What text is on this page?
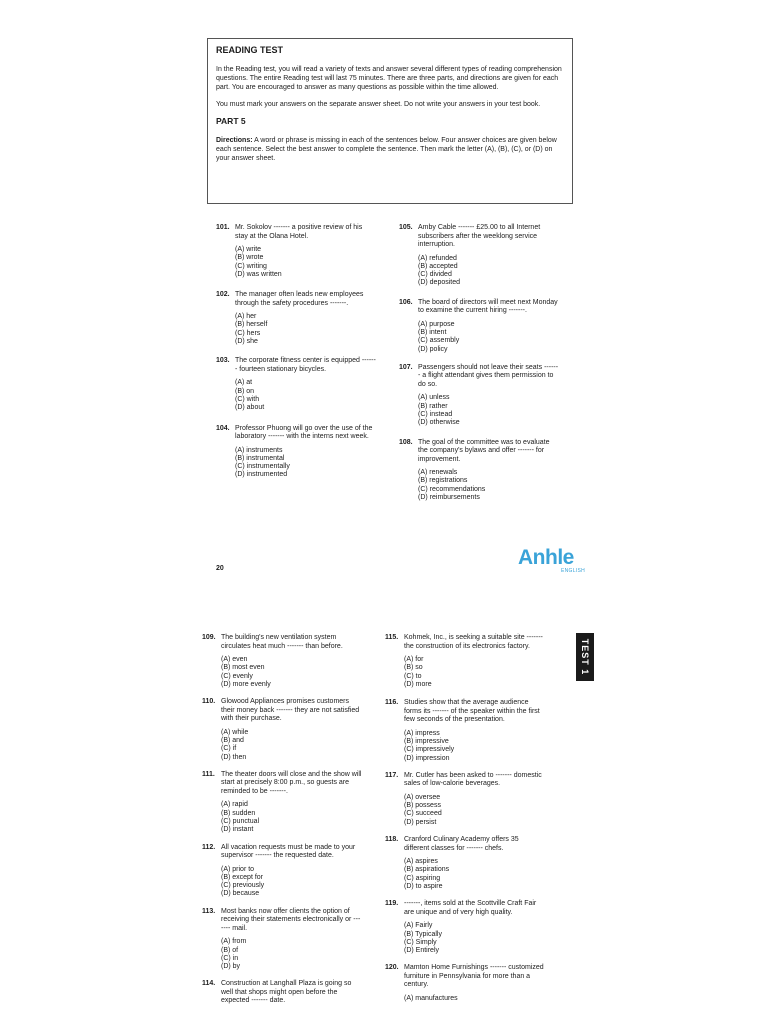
READING TEST

In the Reading test, you will read a variety of texts and answer several different types of reading comprehension questions. The entire Reading test will last 75 minutes. There are three parts, and directions are given for each part. You are encouraged to answer as many questions as possible within the time allowed.

You must mark your answers on the separate answer sheet. Do not write your answers in your test book.

PART 5

Directions: A word or phrase is missing in each of the sentences below. Four answer choices are given below each sentence. Select the best answer to complete the sentence. Then mark the letter (A), (B), (C), or (D) on your answer sheet.

101. Mr. Sokolov ------- a positive review of his stay at the Olana Hotel.
(A) write
(B) wrote
(C) writing
(D) was written
102. The manager often leads new employees through the safety procedures -------.
(A) her
(B) herself
(C) hers
(D) she
103. The corporate fitness center is equipped ------- fourteen stationary bicycles.
(A) at
(B) on
(C) with
(D) about
104. Professor Phuong will go over the use of the laboratory ------- with the interns next week.
(A) instruments
(B) instrumental
(C) instrumentally
(D) instrumented
105. Amby Cable ------- £25.00 to all Internet subscribers after the weeklong service interruption.
(A) refunded
(B) accepted
(C) divided
(D) deposited
106. The board of directors will meet next Monday to examine the current hiring -------.
(A) purpose
(B) intent
(C) assembly
(D) policy
107. Passengers should not leave their seats ------- a flight attendant gives them permission to do so.
(A) unless
(B) rather
(C) instead
(D) otherwise
108. The goal of the committee was to evaluate the company's bylaws and offer ------- for improvement.
(A) renewals
(B) registrations
(C) recommendations
(D) reimbursements
20	Anhle
ENGLISH
109. The building's new ventilation system circulates heat much ------- than before.
(A) even
(B) most even
(C) evenly
(D) more evenly
110. Glowood Appliances promises customers their money back ------- they are not satisfied with their purchase.
(A) while
(B) and
(C) if
(D) then
111. The theater doors will close and the show will start at precisely 8:00 p.m., so guests are reminded to be -------.
(A) rapid
(B) sudden
(C) punctual
(D) instant
112. All vacation requests must be made to your supervisor ------- the requested date.
(A) prior to
(B) except for
(C) previously
(D) because
113. Most banks now offer clients the option of receiving their statements electronically or ------- mail.
(A) from
(B) of
(C) in
(D) by
114. Construction at Langhall Plaza is going so well that shops might open before the expected ------- date.
115. Kohmek, Inc., is seeking a suitable site ------- the construction of its electronics factory.
(A) for
(B) so
(C) to
(D) more
116. Studies show that the average audience forms its ------- of the speaker within the first few seconds of the presentation.
(A) impress
(B) impressive
(C) impressively
(D) impression
117. Mr. Cutler has been asked to ------- domestic sales of low-calorie beverages.
(A) oversee
(B) possess
(C) succeed
(D) persist
118. Cranford Culinary Academy offers 35 different classes for ------- chefs.
(A) aspires
(B) aspirations
(C) aspiring
(D) to aspire
119. -------, items sold at the Scottville Craft Fair are unique and of very high quality.
(A) Fairly
(B) Typically
(C) Simply
(D) Entirely
120. Mamton Home Furnishings ------- customized furniture in Pennsylvania for more than a century.
(A) manufactures
TEST 1
